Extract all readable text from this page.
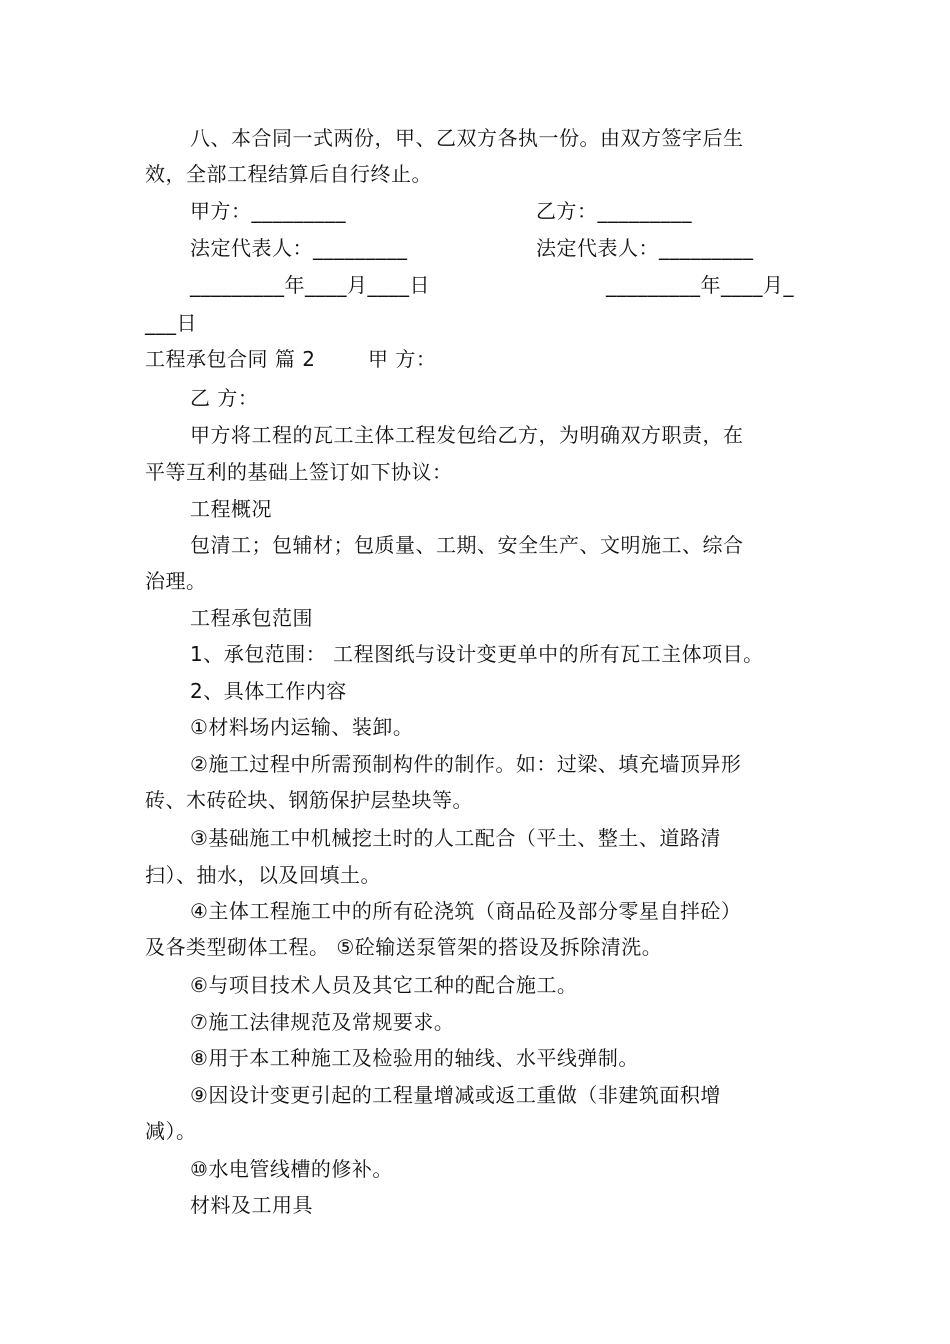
八、本合同一式两份，甲、乙双方各执一份。由双方签字后生
效，全部工程结算后自行终止。
甲方：_________	乙方：_________
法定代表人：_________	法定代表人：_________
_________年____月____日	_________年____月_
___日
工程承包合同 篇 2	甲 方：
乙 方：
甲方将工程的瓦工主体工程发包给乙方，为明确双方职责，在
平等互利的基础上签订如下协议：
工程概况
包清工；包辅材；包质量、工期、安全生产、文明施工、综合
治理。
工程承包范围
1、承包范围： 工程图纸与设计变更单中的所有瓦工主体项目。
2、具体工作内容
①材料场内运输、装卸。
②施工过程中所需预制构件的制作。如：过梁、填充墙顶异形
砖、木砖砼块、钢筋保护层垫块等。
③基础施工中机械挖土时的人工配合（平土、整土、道路清
扫）、抽水，以及回填土。
④主体工程施工中的所有砼浇筑（商品砼及部分零星自拌砼）
及各类型砌体工程。 ⑤砼输送泵管架的搭设及拆除清洗。
⑥与项目技术人员及其它工种的配合施工。
⑦施工法律规范及常规要求。
⑧用于本工种施工及检验用的轴线、水平线弹制。
⑨因设计变更引起的工程量增减或返工重做（非建筑面积增
减）。
⑩水电管线槽的修补。
材料及工用具
